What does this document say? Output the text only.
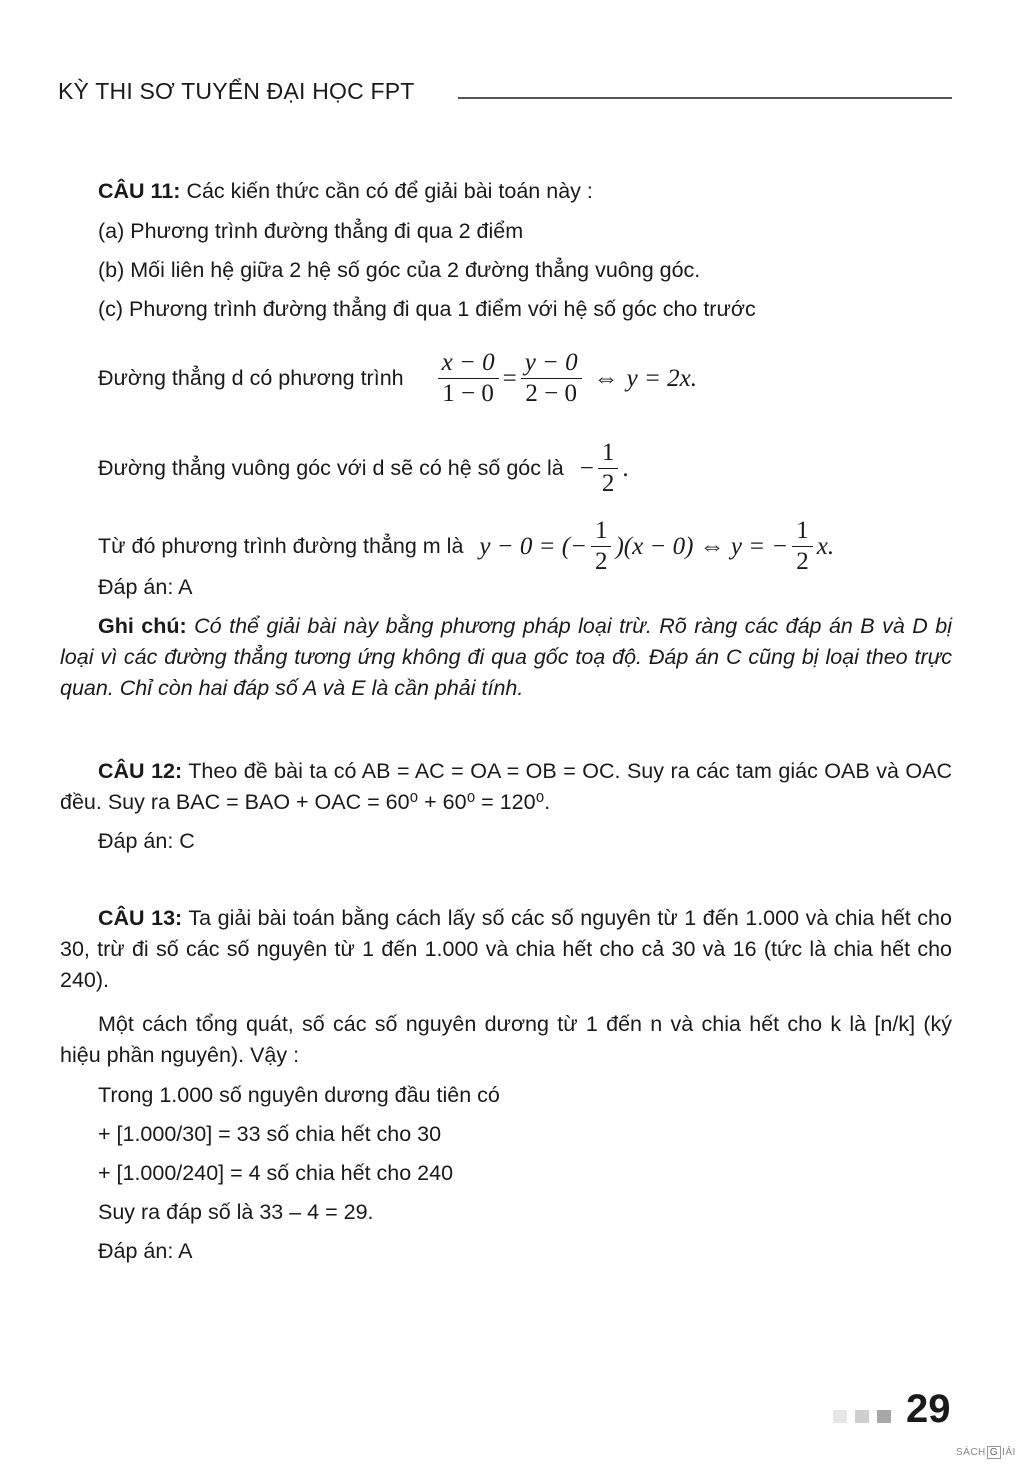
KỲ THI SƠ TUYỂN ĐẠI HỌC FPT
CÂU 11: Các kiến thức cần có để giải bài toán này :
(a) Phương trình đường thẳng đi qua 2 điểm
(b) Mối liên hệ giữa 2 hệ số góc của 2 đường thẳng vuông góc.
(c) Phương trình đường thẳng đi qua 1 điểm với hệ số góc cho trước
Đường thẳng d có phương trình $\frac{x - 0}{1 - 0} = \frac{y - 0}{2 - 0}$ ⇔ y = 2x.
Đường thẳng vuông góc với d sẽ có hệ số góc là − $\frac{1}{2}$ .
Từ đó phương trình đường thẳng m là y − 0 = (− $\frac{1}{2} )(x - 0)$ ⇔ y = − $\frac{1}{2} x$.
Đáp án: A
Ghi chú: Có thể giải bài này bằng phương pháp loại trừ. Rõ ràng các đáp án B và D bị loại vì các đường thẳng tương ứng không đi qua gốc toạ độ. Đáp án C cũng bị loại theo trực quan. Chỉ còn hai đáp số A và E là cần phải tính.
CÂU 12: Theo đề bài ta có AB = AC = OA = OB = OC. Suy ra các tam giác OAB và OAC đều. Suy ra BAC = BAO + OAC = 60⁰ + 60⁰ = 120⁰.
Đáp án: C
CÂU 13: Ta giải bài toán bằng cách lấy số các số nguyên từ 1 đến 1.000 và chia hết cho 30, trừ đi số các số nguyên từ 1 đến 1.000 và chia hết cho cả 30 và 16 (tức là chia hết cho 240).
Một cách tổng quát, số các số nguyên dương từ 1 đến n và chia hết cho k là [n/k] (ký hiệu phần nguyên). Vậy :
Trong 1.000 số nguyên dương đầu tiên có
+ [1.000/30] = 33 số chia hết cho 30
+ [1.000/240] = 4 số chia hết cho 240
Suy ra đáp số là 33 – 4 = 29.
Đáp án: A
29
SÁCH G IẢI
